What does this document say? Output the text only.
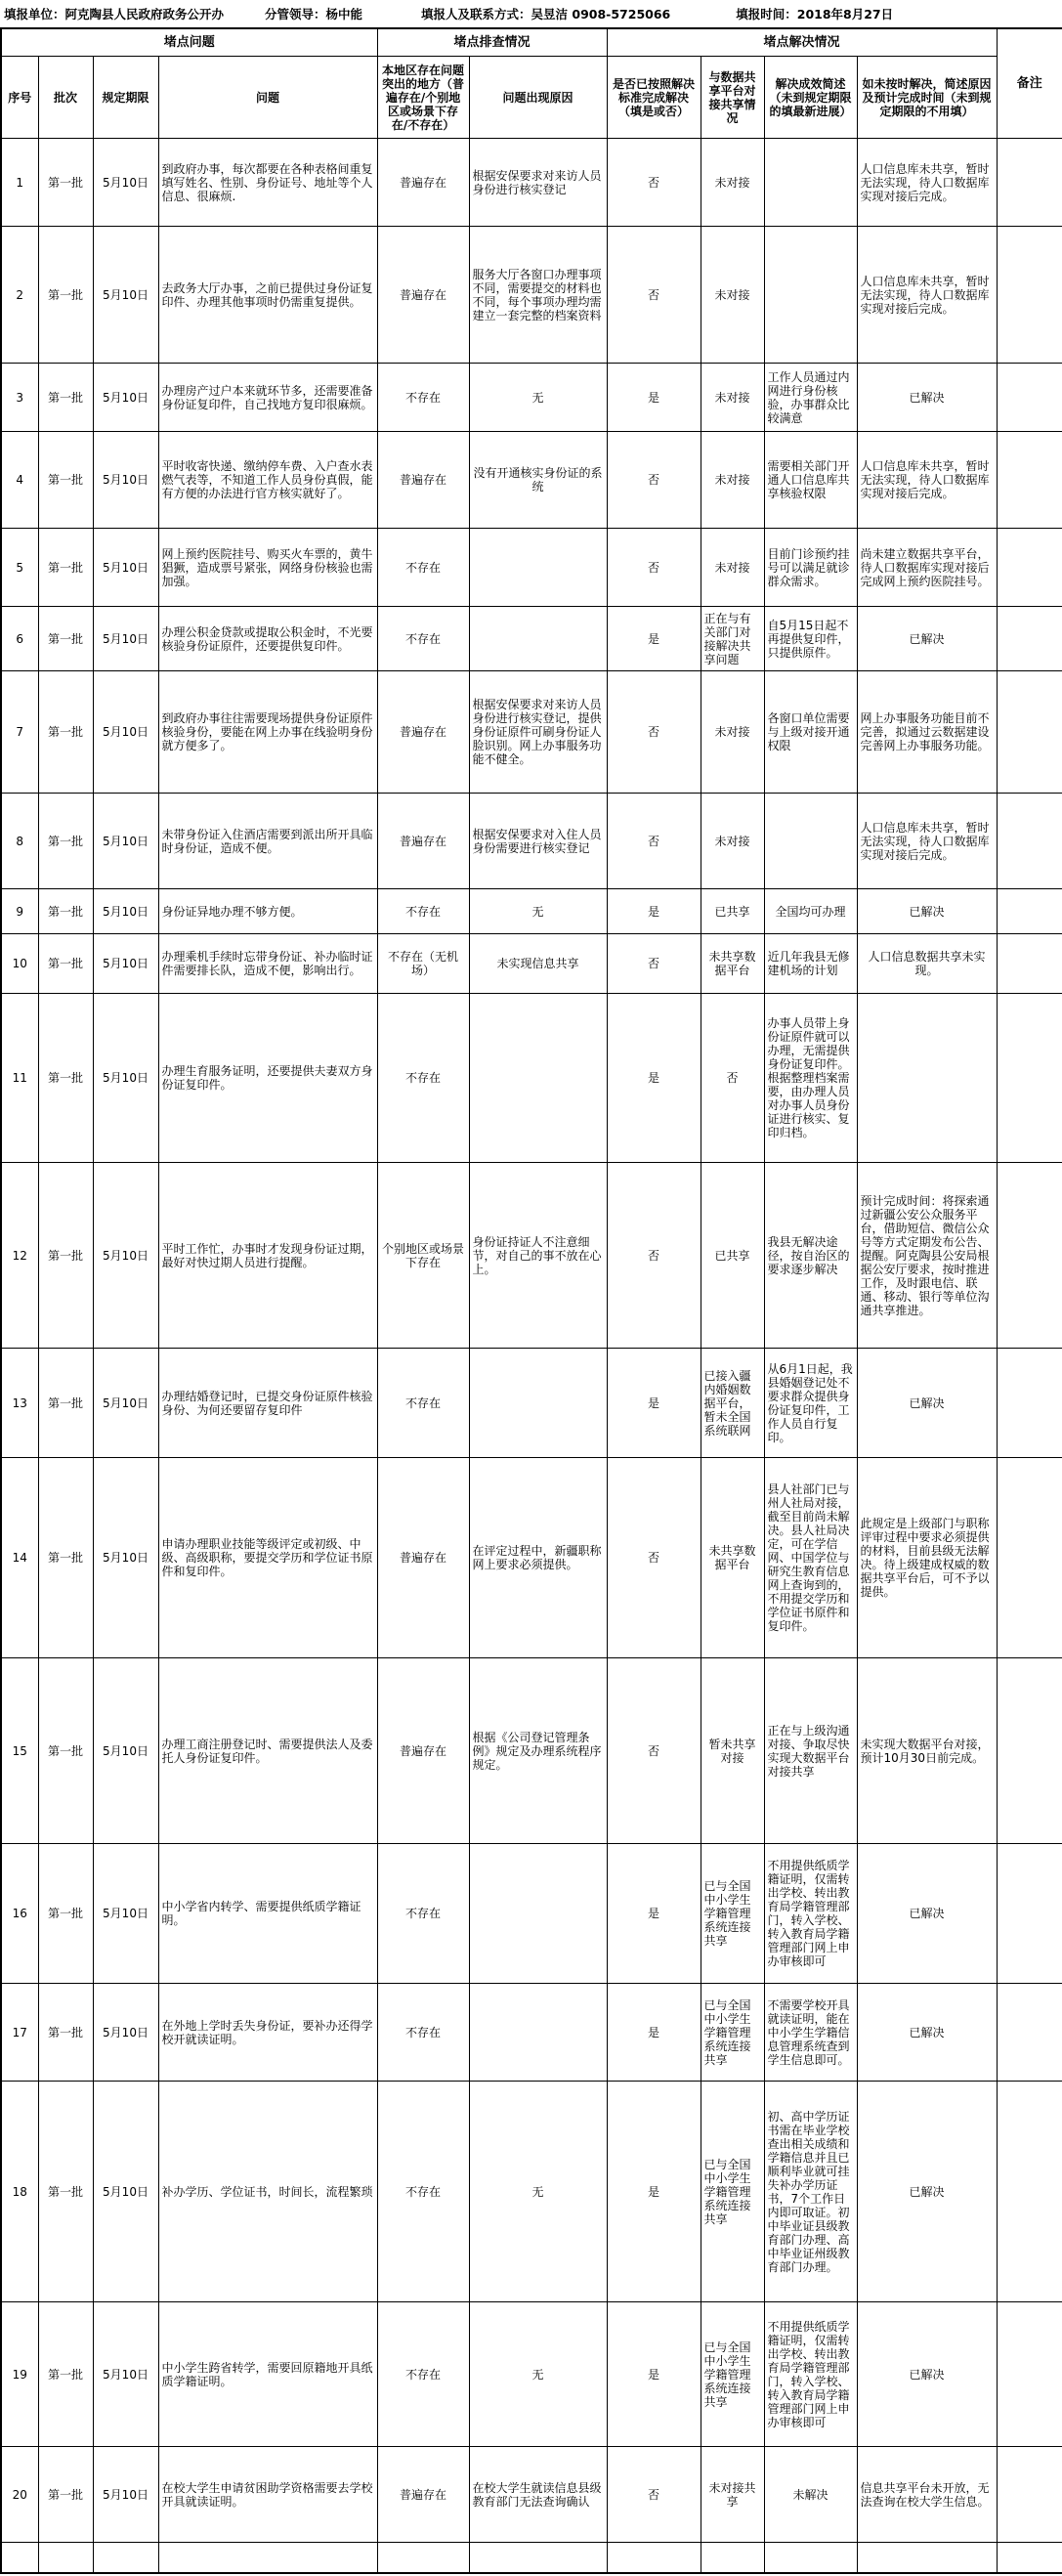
填报单位：阿克陶县人民政府政务公开办	分管领导：杨中能	填报人及联系方式：吴昱洁 0908-5725066	填报时间：2018年8月27日
堵点问题				堵点排查情况		堵点解决情况				备注
序号	批次	规定期限	问题	本地区存在问题突出的地方（普遍存在/个别地区或场景下存在/不存在）	问题出现原因	是否已按照解决标准完成解决（填是或否）	与数据共享平台对接共享情况	解决成效简述（未到规定期限的填最新进展）	如未按时解决，简述原因及预计完成时间（未到规定期限的不用填）	
1	第一批	5月10日	到政府办事，每次都要在各种表格间重复填写姓名、性别、身份证号、地址等个人信息、很麻烦.	普遍存在	根据安保要求对来访人员身份进行核实登记	否	未对接		人口信息库未共享，暂时无法实现，待人口数据库实现对接后完成。	
2	第一批	5月10日	去政务大厅办事，之前已提供过身份证复印件、办理其他事项时仍需重复提供。	普遍存在	服务大厅各窗口办理事项不同，需要提交的材料也不同，每个事项办理均需建立一套完整的档案资料	否	未对接		人口信息库未共享，暂时无法实现，待人口数据库实现对接后完成。	
3	第一批	5月10日	办理房产过户本来就环节多，还需要准备身份证复印件，自己找地方复印很麻烦。	不存在	无	是	未对接	工作人员通过内网进行身份核验，办事群众比较满意	已解决	
4	第一批	5月10日	平时收寄快递、缴纳停车费、入户查水表燃气表等，不知道工作人员身份真假，能有方便的办法进行官方核实就好了。	普遍存在	没有开通核实身份证的系统	否	未对接	需要相关部门开通人口信息库共享核验权限	人口信息库未共享，暂时无法实现，待人口数据库实现对接后完成。	
5	第一批	5月10日	网上预约医院挂号、购买火车票的，黄牛猖獗，造成票号紧张，网络身份核验也需加强。	不存在		否	未对接	目前门诊预约挂号可以满足就诊群众需求。	尚未建立数据共享平台，待人口数据库实现对接后完成网上预约医院挂号。	
6	第一批	5月10日	办理公积金贷款或提取公积金时，不光要核验身份证原件，还要提供复印件。	不存在		是	正在与有关部门对接解决共享问题	自5月15日起不再提供复印件，只提供原件。	已解决	
7	第一批	5月10日	到政府办事往往需要现场提供身份证原件核验身份，要能在网上办事在线验明身份就方便多了。	普遍存在	根据安保要求对来访人员身份进行核实登记，提供身份证原件可刷身份证人脸识别。网上办事服务功能不健全。	否	未对接	各窗口单位需要与上级对接开通权限	网上办事服务功能目前不完善，拟通过云数据建设完善网上办事服务功能。	
8	第一批	5月10日	未带身份证入住酒店需要到派出所开具临时身份证，造成不便。	普遍存在	根据安保要求对入住人员身份需要进行核实登记	否	未对接		人口信息库未共享，暂时无法实现，待人口数据库实现对接后完成。	
9	第一批	5月10日	身份证异地办理不够方便。	不存在	无	是	已共享	全国均可办理	已解决	
10	第一批	5月10日	办理乘机手续时忘带身份证、补办临时证件需要排长队，造成不便，影响出行。	不存在（无机场）	未实现信息共享	否	未共享数据平台	近几年我县无修建机场的计划	人口信息数据共享未实现。	
11	第一批	5月10日	办理生育服务证明，还要提供夫妻双方身份证复印件。	不存在		是	否	办事人员带上身份证原件就可以办理，无需提供身份证复印件。根据整理档案需要，由办理人员对办事人员身份证进行核实、复印归档。		
12	第一批	5月10日	平时工作忙，办事时才发现身份证过期，最好对快过期人员进行提醒。	个别地区或场景下存在	身份证持证人不注意细节，对自己的事不放在心上。	否	已共享	我县无解决途径，按自治区的要求逐步解决	预计完成时间：将探索通过新疆公安公众服务平台，借助短信、微信公众号等方式定期发布公告、提醒。阿克陶县公安局根据公安厅要求，按时推进工作，及时跟电信、联通、移动、银行等单位沟通共享推进。	
13	第一批	5月10日	办理结婚登记时，已提交身份证原件核验身份、为何还要留存复印件	不存在		是	已接入疆内婚姻数据平台，暂未全国系统联网	从6月1日起，我县婚姻登记处不要求群众提供身份证复印件，工作人员自行复印。	已解决	
14	第一批	5月10日	申请办理职业技能等级评定或初级、中级、高级职称，要提交学历和学位证书原件和复印件。	普遍存在	在评定过程中，新疆职称网上要求必须提供。	否	未共享数据平台	县人社部门已与州人社局对接，截至目前尚未解决。县人社局决定，可在学信网、中国学位与研究生教育信息网上查询到的，不用提交学历和学位证书原件和复印件。	此规定是上级部门与职称评审过程中要求必须提供的材料，目前县级无法解决。待上级建成权威的数据共享平台后，可不予以提供。	
15	第一批	5月10日	办理工商注册登记时、需要提供法人及委托人身份证复印件。	普遍存在	根据《公司登记管理条例》规定及办理系统程序规定。	否	暂未共享对接	正在与上级沟通对接、争取尽快实现大数据平台对接共享	未实现大数据平台对接，预计10月30日前完成。	
16	第一批	5月10日	中小学省内转学、需要提供纸质学籍证明。	不存在		是	已与全国中小学生学籍管理系统连接共享	不用提供纸质学籍证明，仅需转出学校、转出教育局学籍管理部门，转入学校、转入教育局学籍管理部门网上申办审核即可	已解决	
17	第一批	5月10日	在外地上学时丢失身份证，要补办还得学校开就读证明。	不存在		是	已与全国中小学生学籍管理系统连接共享	不需要学校开具就读证明，能在中小学生学籍信息管理系统查到学生信息即可。	已解决	
18	第一批	5月10日	补办学历、学位证书，时间长，流程繁琐	不存在	无	是	已与全国中小学生学籍管理系统连接共享	初、高中学历证书需在毕业学校查出相关成绩和学籍信息并且已顺利毕业就可挂失补办学历证书，7个工作日内即可取证。初中毕业证县级教育部门办理、高中毕业证州级教育部门办理。	已解决	
19	第一批	5月10日	中小学生跨省转学，需要回原籍地开具纸质学籍证明。	不存在	无	是	已与全国中小学生学籍管理系统连接共享	不用提供纸质学籍证明，仅需转出学校、转出教育局学籍管理部门，转入学校、转入教育局学籍管理部门网上申办审核即可	已解决	
20	第一批	5月10日	在校大学生申请贫困助学资格需要去学校开具就读证明。	普遍存在	在校大学生就读信息县级教育部门无法查询确认	否	未对接共享	未解决	信息共享平台未开放，无法查询在校大学生信息。	
